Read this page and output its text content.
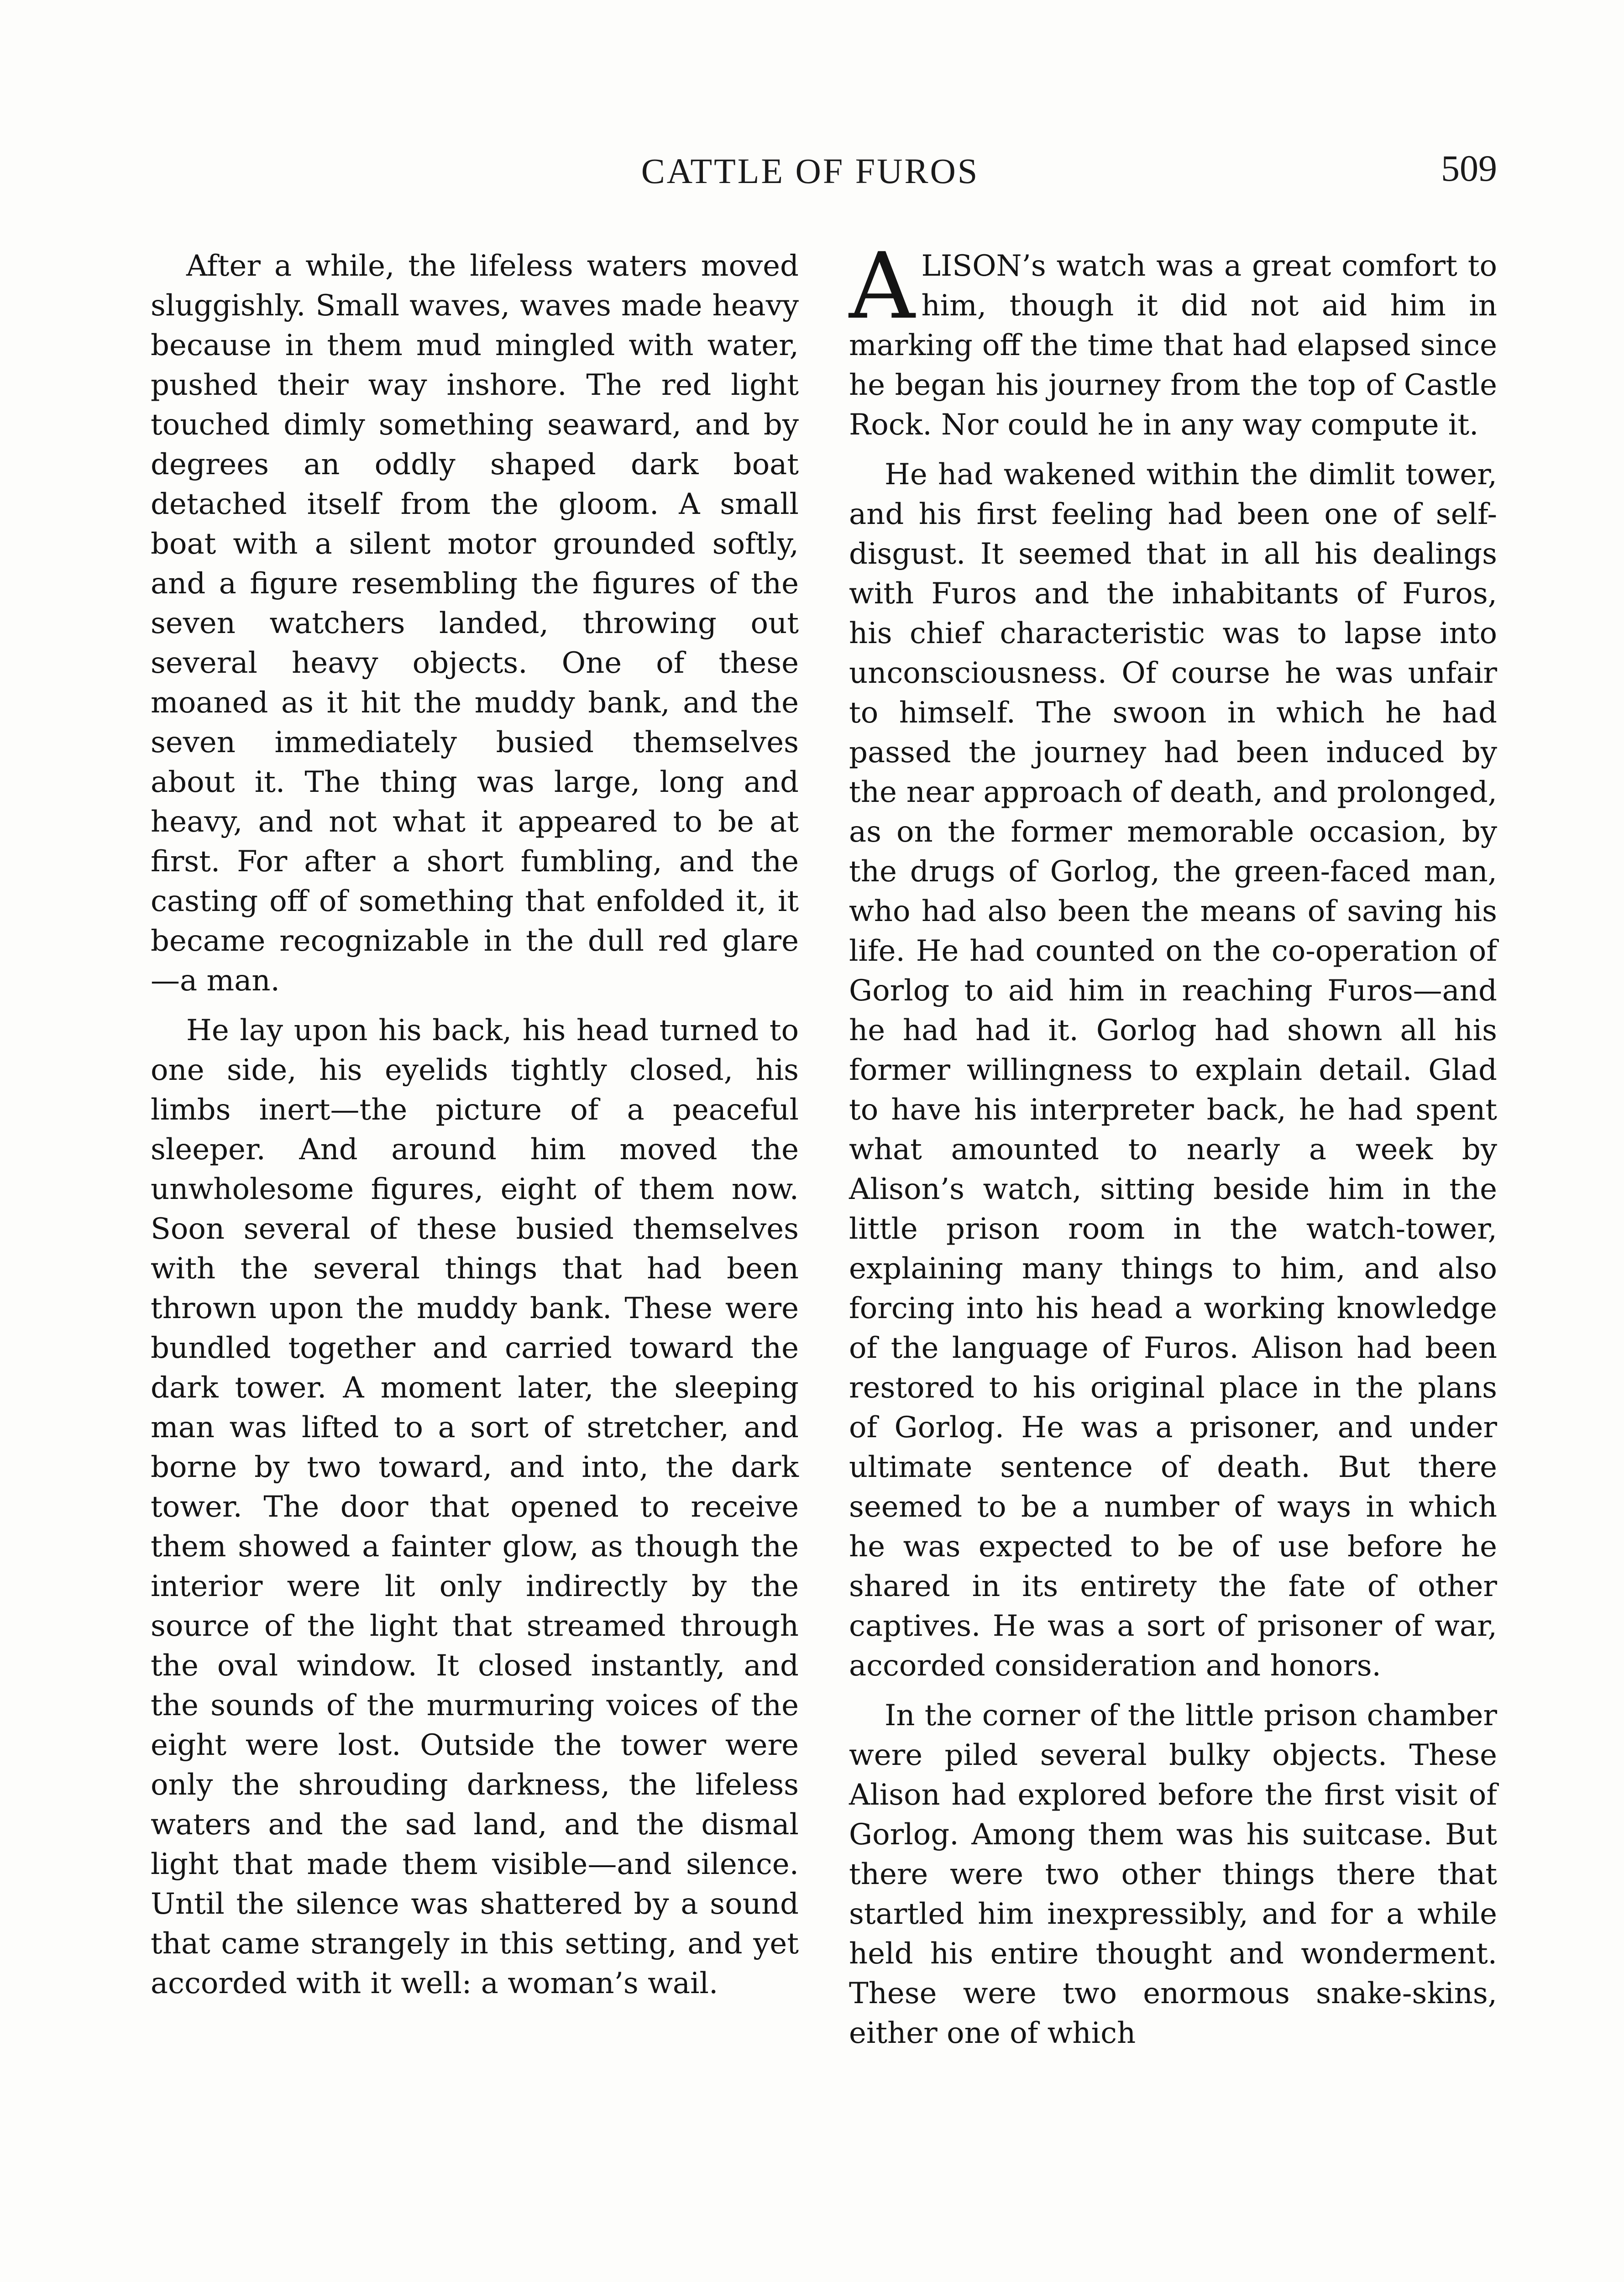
CATTLE OF FUROS	509

After a while, the lifeless waters moved sluggishly. Small waves, waves made heavy because in them mud mingled with water, pushed their way inshore. The red light touched dimly something seaward, and by degrees an oddly shaped dark boat detached itself from the gloom. A small boat with a silent motor grounded softly, and a figure resembling the figures of the seven watchers landed, throwing out several heavy objects. One of these moaned as it hit the muddy bank, and the seven immediately busied themselves about it. The thing was large, long and heavy, and not what it appeared to be at first. For after a short fumbling, and the casting off of something that enfolded it, it became recognizable in the dull red glare—a man.

He lay upon his back, his head turned to one side, his eyelids tightly closed, his limbs inert—the picture of a peaceful sleeper. And around him moved the unwholesome figures, eight of them now. Soon several of these busied themselves with the several things that had been thrown upon the muddy bank. These were bundled together and carried toward the dark tower. A moment later, the sleeping man was lifted to a sort of stretcher, and borne by two toward, and into, the dark tower. The door that opened to receive them showed a fainter glow, as though the interior were lit only indirectly by the source of the light that streamed through the oval window. It closed instantly, and the sounds of the murmuring voices of the eight were lost. Outside the tower were only the shrouding darkness, the lifeless waters and the sad land, and the dismal light that made them visible—and silence. Until the silence was shattered by a sound that came strangely in this setting, and yet accorded with it well: a woman’s wail.

ALISON’s watch was a great comfort to him, though it did not aid him in marking off the time that had elapsed since he began his journey from the top of Castle Rock. Nor could he in any way compute it.

He had wakened within the dimlit tower, and his first feeling had been one of self-disgust. It seemed that in all his dealings with Furos and the inhabitants of Furos, his chief characteristic was to lapse into unconsciousness. Of course he was unfair to himself. The swoon in which he had passed the journey had been induced by the near approach of death, and prolonged, as on the former memorable occasion, by the drugs of Gorlog, the green-faced man, who had also been the means of saving his life. He had counted on the co-operation of Gorlog to aid him in reaching Furos—and he had had it. Gorlog had shown all his former willingness to explain detail. Glad to have his interpreter back, he had spent what amounted to nearly a week by Alison’s watch, sitting beside him in the little prison room in the watch-tower, explaining many things to him, and also forcing into his head a working knowledge of the language of Furos. Alison had been restored to his original place in the plans of Gorlog. He was a prisoner, and under ultimate sentence of death. But there seemed to be a number of ways in which he was expected to be of use before he shared in its entirety the fate of other captives. He was a sort of prisoner of war, accorded consideration and honors.

In the corner of the little prison chamber were piled several bulky objects. These Alison had explored before the first visit of Gorlog. Among them was his suitcase. But there were two other things there that startled him inexpressibly, and for a while held his entire thought and wonderment. These were two enormous snake-skins, either one of which
